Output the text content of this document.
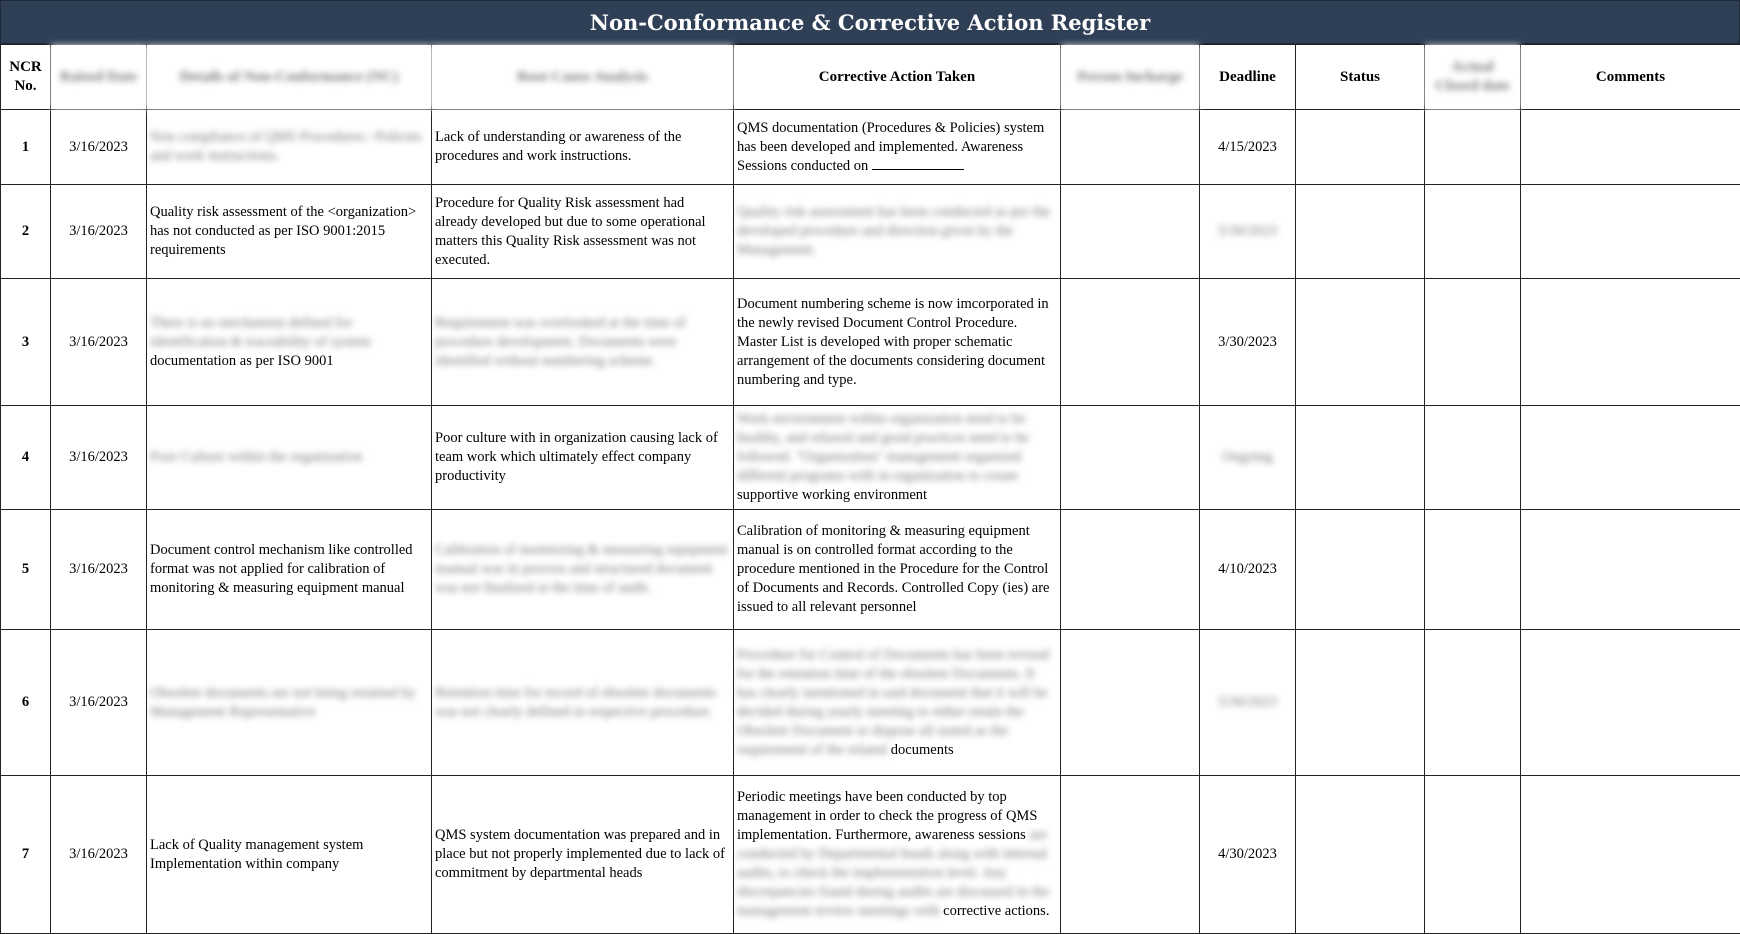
Non-Conformance & Corrective Action Register
NCR No.	Raised Date	Details of Non-Conformance (NC)	Root Cause Analysis	Corrective Action Taken	Person Incharge	Deadline	Status	Actual Closed date	Comments
1	3/16/2023	Non compliance of QMS Procedures / Policies and work instructions.	Lack of understanding or awareness of the procedures and work instructions.	QMS documentation (Procedures & Policies) system has been developed and implemented. Awareness Sessions conducted on		4/15/2023			
2	3/16/2023	Quality risk assessment of the <organization> has not conducted as per ISO 9001:2015 requirements	Procedure for Quality Risk assessment had already developed but due to some operational matters this Quality Risk assessment was not executed.	Quality risk assessment has been conducted as per the developed procedure and direction given by the Management.		5/30/2023			
3	3/16/2023	There is no mechanism defined for identification & traceability of system documentation as per ISO 9001	Requirement was overlooked at the time of procedure development. Documents were identified without numbering scheme.	Document numbering scheme is now imcorporated in the newly revised Document Control Procedure. Master List is developed with proper schematic arrangement of the documents considering document numbering and type.		3/30/2023			
4	3/16/2023	Poor Culture within the organization	Poor culture with in organization causing lack of team work which ultimately effect company productivity	Work environment within organization need to be healthy, and relaxed and good practices need to be followed. "Organization" management organized different programs with in organization to create supportive working environment		Ongoing			
5	3/16/2023	Document control mechanism like controlled format was not applied for calibration of monitoring & measuring equipment manual	Calibration of monitoring & measuring equipment manual was in process and structured document was not finalized at the time of audit.	Calibration of monitoring & measuring equipment manual is on controlled format according to the procedure mentioned in the Procedure for the Control of Documents and Records. Controlled Copy (ies) are issued to all relevant personnel		4/10/2023			
6	3/16/2023	Obsolete documents are not being retained by Management Representative	Retention time for record of obsolete documents was not clearly defined in respective procedure.	Procedure for Control of Documents has been revised for the retention time of the obsolete Documents. It has clearly mentioned in said document that it will be decided during yearly meeting to either retain the Obsolete Document or dispose all stated as the requirement of the related documents		5/30/2023			
7	3/16/2023	Lack of Quality management system Implementation within company	QMS system documentation was prepared and in place but not properly implemented due to lack of commitment by departmental heads	Periodic meetings have been conducted by top management in order to check the progress of QMS implementation. Furthermore, awareness sessions are conducted by Departmental heads along with internal audits, to check the implementation level. Any discrepancies found during audits are discussed in the management review meetings with corrective actions.		4/30/2023			
